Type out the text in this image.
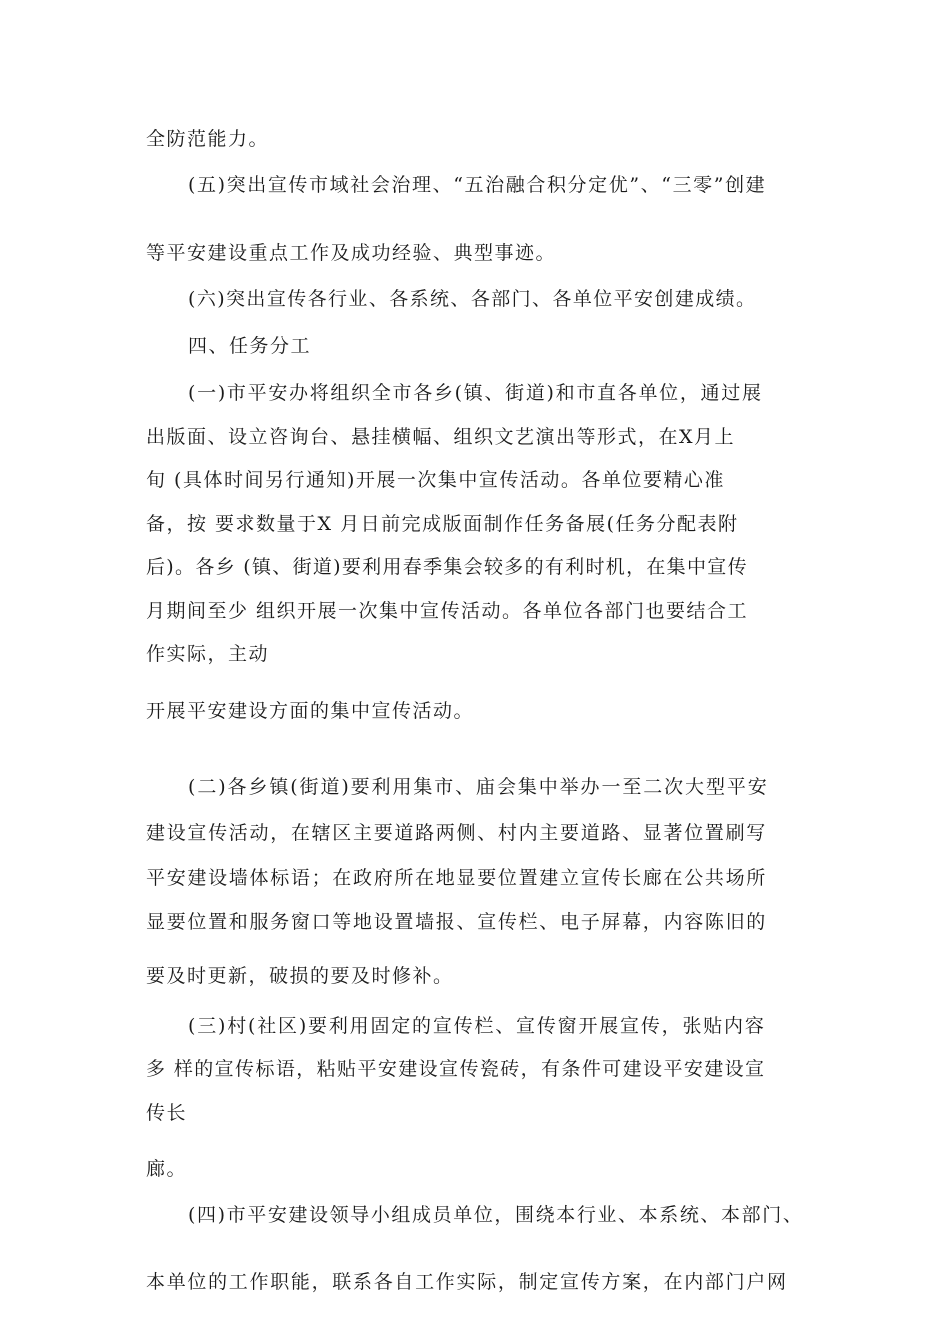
全防范能力。
(五)突出宣传市域社会治理、“五治融合积分定优”、“三零”创建
等平安建设重点工作及成功经验、典型事迹。
(六)突出宣传各行业、各系统、各部门、各单位平安创建成绩。
四、任务分工
(一)市平安办将组织全市各乡(镇、街道)和市直各单位，通过展
出版面、设立咨询台、悬挂横幅、组织文艺演出等形式，在X月上
旬 (具体时间另行通知)开展一次集中宣传活动。各单位要精心准
备，按 要求数量于X 月日前完成版面制作任务备展(任务分配表附
后)。各乡 (镇、街道)要利用春季集会较多的有利时机，在集中宣传
月期间至少 组织开展一次集中宣传活动。各单位各部门也要结合工
作实际，主动
开展平安建设方面的集中宣传活动。
(二)各乡镇(街道)要利用集市、庙会集中举办一至二次大型平安
建设宣传活动，在辖区主要道路两侧、村内主要道路、显著位置刷写
平安建设墙体标语；在政府所在地显要位置建立宣传长廊在公共场所
显要位置和服务窗口等地设置墙报、宣传栏、电子屏幕，内容陈旧的
要及时更新，破损的要及时修补。
(三)村(社区)要利用固定的宣传栏、宣传窗开展宣传，张贴内容
多 样的宣传标语，粘贴平安建设宣传瓷砖，有条件可建设平安建设宣
传长
廊。
(四)市平安建设领导小组成员单位，围绕本行业、本系统、本部门、
本单位的工作职能，联系各自工作实际，制定宣传方案，在内部门户网
